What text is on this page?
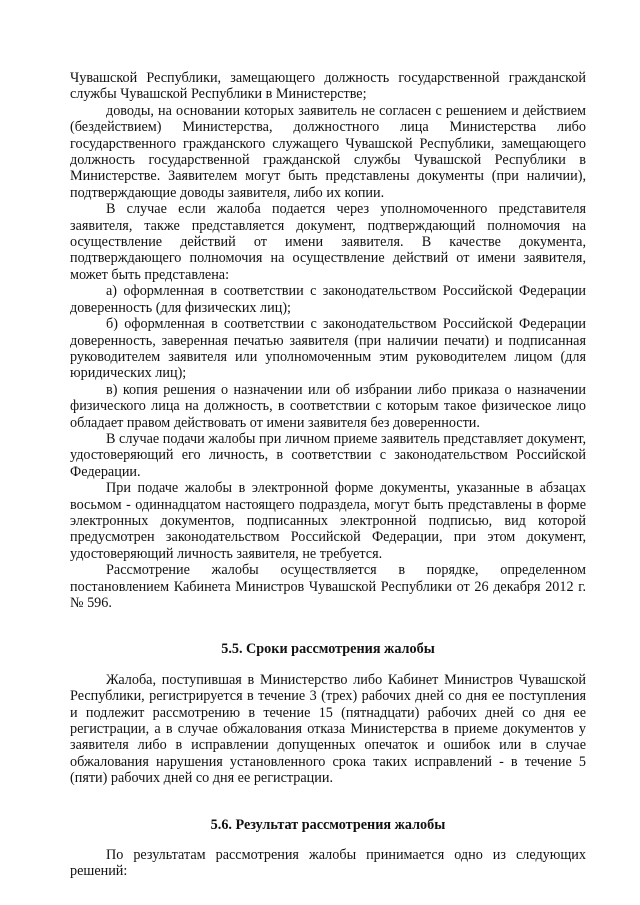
Чувашской Республики, замещающего должность государственной гражданской службы Чувашской Республики в Министерстве;

доводы, на основании которых заявитель не согласен с решением и действием (бездействием) Министерства, должностного лица Министерства либо государственного гражданского служащего Чувашской Республики, замещающего должность государственной гражданской службы Чувашской Республики в Министерстве. Заявителем могут быть представлены документы (при наличии), подтверждающие доводы заявителя, либо их копии.

В случае если жалоба подается через уполномоченного представителя заявителя, также представляется документ, подтверждающий полномочия на осуществление действий от имени заявителя. В качестве документа, подтверждающего полномочия на осуществление действий от имени заявителя, может быть представлена:

а) оформленная в соответствии с законодательством Российской Федерации доверенность (для физических лиц);

б) оформленная в соответствии с законодательством Российской Федерации доверенность, заверенная печатью заявителя (при наличии печати) и подписанная руководителем заявителя или уполномоченным этим руководителем лицом (для юридических лиц);

в) копия решения о назначении или об избрании либо приказа о назначении физического лица на должность, в соответствии с которым такое физическое лицо обладает правом действовать от имени заявителя без доверенности.

В случае подачи жалобы при личном приеме заявитель представляет документ, удостоверяющий его личность, в соответствии с законодательством Российской Федерации.

При подаче жалобы в электронной форме документы, указанные в абзацах восьмом - одиннадцатом настоящего подраздела, могут быть представлены в форме электронных документов, подписанных электронной подписью, вид которой предусмотрен законодательством Российской Федерации, при этом документ, удостоверяющий личность заявителя, не требуется.

Рассмотрение жалобы осуществляется в порядке, определенном постановлением Кабинета Министров Чувашской Республики от 26 декабря 2012 г. № 596.

5.5. Сроки рассмотрения жалобы

Жалоба, поступившая в Министерство либо Кабинет Министров Чувашской Республики, регистрируется в течение 3 (трех) рабочих дней со дня ее поступления и подлежит рассмотрению в течение 15 (пятнадцати) рабочих дней со дня ее регистрации, а в случае обжалования отказа Министерства в приеме документов у заявителя либо в исправлении допущенных опечаток и ошибок или в случае обжалования нарушения установленного срока таких исправлений - в течение 5 (пяти) рабочих дней со дня ее регистрации.

5.6. Результат рассмотрения жалобы

По результатам рассмотрения жалобы принимается одно из следующих решений:
